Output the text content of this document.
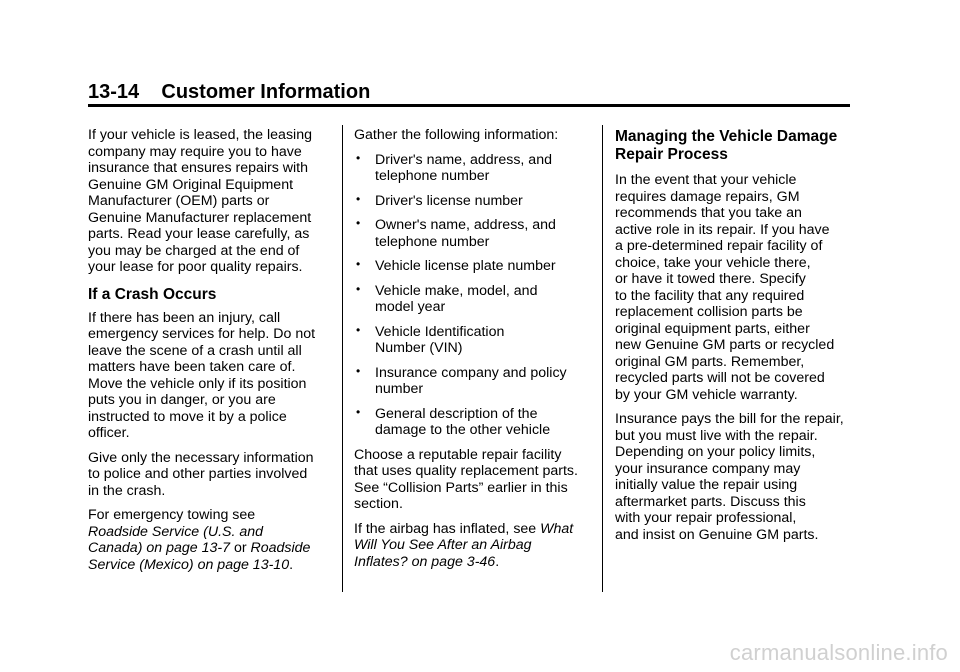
13-14 Customer Information

If your vehicle is leased, the leasing
company may require you to have
insurance that ensures repairs with
Genuine GM Original Equipment
Manufacturer (OEM) parts or
Genuine Manufacturer replacement
parts. Read your lease carefully, as
you may be charged at the end of
your lease for poor quality repairs.

If a Crash Occurs

If there has been an injury, call
emergency services for help. Do not
leave the scene of a crash until all
matters have been taken care of.
Move the vehicle only if its position
puts you in danger, or you are
instructed to move it by a police
officer.

Give only the necessary information
to police and other parties involved
in the crash.

For emergency towing see
Roadside Service (U.S. and
Canada) on page 13-7 or Roadside
Service (Mexico) on page 13-10.

Gather the following information:

• Driver's name, address, and
telephone number
• Driver's license number
• Owner's name, address, and
telephone number
• Vehicle license plate number
• Vehicle make, model, and
model year
• Vehicle Identification
Number (VIN)
• Insurance company and policy
number
• General description of the
damage to the other vehicle

Choose a reputable repair facility
that uses quality replacement parts.
See “Collision Parts” earlier in this
section.

If the airbag has inflated, see What
Will You See After an Airbag
Inflates? on page 3-46.

Managing the Vehicle Damage
Repair Process

In the event that your vehicle
requires damage repairs, GM
recommends that you take an
active role in its repair. If you have
a pre-determined repair facility of
choice, take your vehicle there,
or have it towed there. Specify
to the facility that any required
replacement collision parts be
original equipment parts, either
new Genuine GM parts or recycled
original GM parts. Remember,
recycled parts will not be covered
by your GM vehicle warranty.

Insurance pays the bill for the repair,
but you must live with the repair.
Depending on your policy limits,
your insurance company may
initially value the repair using
aftermarket parts. Discuss this
with your repair professional,
and insist on Genuine GM parts.

carmanualsonline.info
